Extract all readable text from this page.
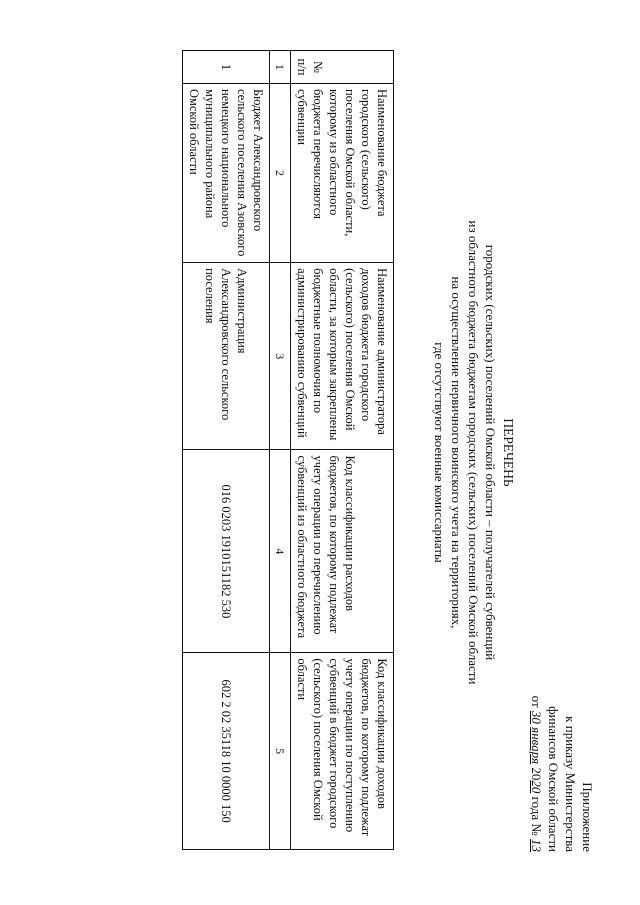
Приложение
к приказу Министерства
финансов Омской области
от 30 января 2020 года № 13
ПЕРЕЧЕНЬ
городских (сельских) поселений Омской области – получателей субвенций
из областного бюджета бюджетам городских (сельских) поселений Омской области
на осуществление первичного воинского учета на территориях,
где отсутствуют военные комиссариаты
№ п/п	Наименование бюджета городского (сельского) поселения Омской области, которому из областного бюджета перечисляются субвенции	Наименование администратора доходов бюджета городского (сельского) поселения Омской области, за которым закреплены бюджетные полномочия по администрированию субвенций	Код классификации расходов бюджетов, по которому подлежат учету операции по перечислению субвенций из областного бюджета	Код классификации доходов бюджетов, по которому подлежат учету операции по поступлению субвенций в бюджет городского (сельского) поселения Омской области
1	2	3	4	5
1	Бюджет Александровского сельского поселения Азовского немецкого национального муниципального района Омской области	Администрация Александровского сельского поселения	016 0203 1910151182 530	602 2 02 35118 10 0000 150
